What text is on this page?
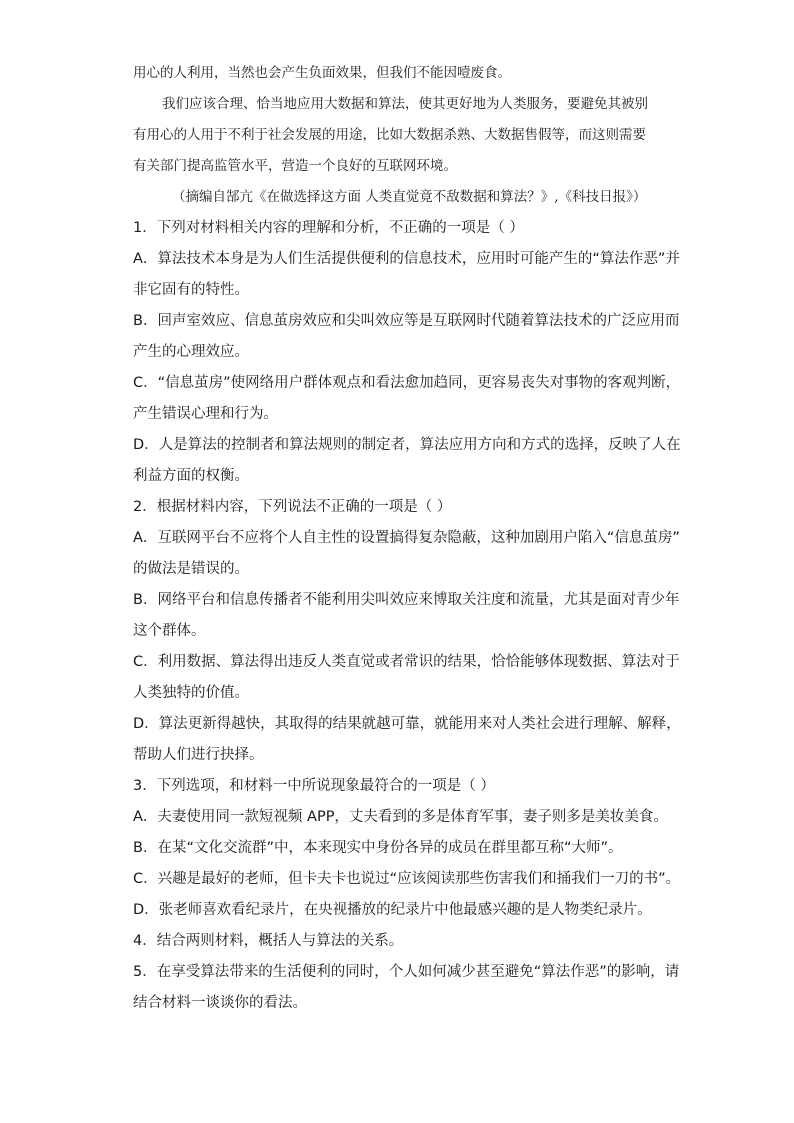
用心的人利用，当然也会产生负面效果，但我们不能因噎废食。

我们应该合理、恰当地应用大数据和算法，使其更好地为人类服务，要避免其被别

有用心的人用于不利于社会发展的用途，比如大数据杀熟、大数据售假等，而这则需要

有关部门提高监管水平，营造一个良好的互联网环境。

（摘编自郜亢《在做选择这方面 人类直觉竟不敌数据和算法？》,《科技日报》）

1．下列对材料相关内容的理解和分析，不正确的一项是（ ）

A．算法技术本身是为人们生活提供便利的信息技术，应用时可能产生的“算法作恶”并

非它固有的特性。

B．回声室效应、信息茧房效应和尖叫效应等是互联网时代随着算法技术的广泛应用而

产生的心理效应。

C．“信息茧房”使网络用户群体观点和看法愈加趋同，更容易丧失对事物的客观判断，

产生错误心理和行为。

D．人是算法的控制者和算法规则的制定者，算法应用方向和方式的选择，反映了人在

利益方面的权衡。

2．根据材料内容，下列说法不正确的一项是（ ）

A．互联网平台不应将个人自主性的设置搞得复杂隐蔽，这种加剧用户陷入“信息茧房”

的做法是错误的。

B．网络平台和信息传播者不能利用尖叫效应来博取关注度和流量，尤其是面对青少年

这个群体。

C．利用数据、算法得出违反人类直觉或者常识的结果，恰恰能够体现数据、算法对于

人类独特的价值。

D．算法更新得越快，其取得的结果就越可靠，就能用来对人类社会进行理解、解释，

帮助人们进行抉择。

3．下列选项，和材料一中所说现象最符合的一项是（ ）

A．夫妻使用同一款短视频 APP，丈夫看到的多是体育军事，妻子则多是美妆美食。

B．在某“文化交流群”中，本来现实中身份各异的成员在群里都互称“大师”。

C．兴趣是最好的老师，但卡夫卡也说过“应该阅读那些伤害我们和捅我们一刀的书”。

D．张老师喜欢看纪录片，在央视播放的纪录片中他最感兴趣的是人物类纪录片。

4．结合两则材料，概括人与算法的关系。

5．在享受算法带来的生活便利的同时，个人如何减少甚至避免“算法作恶”的影响，请

结合材料一谈谈你的看法。
